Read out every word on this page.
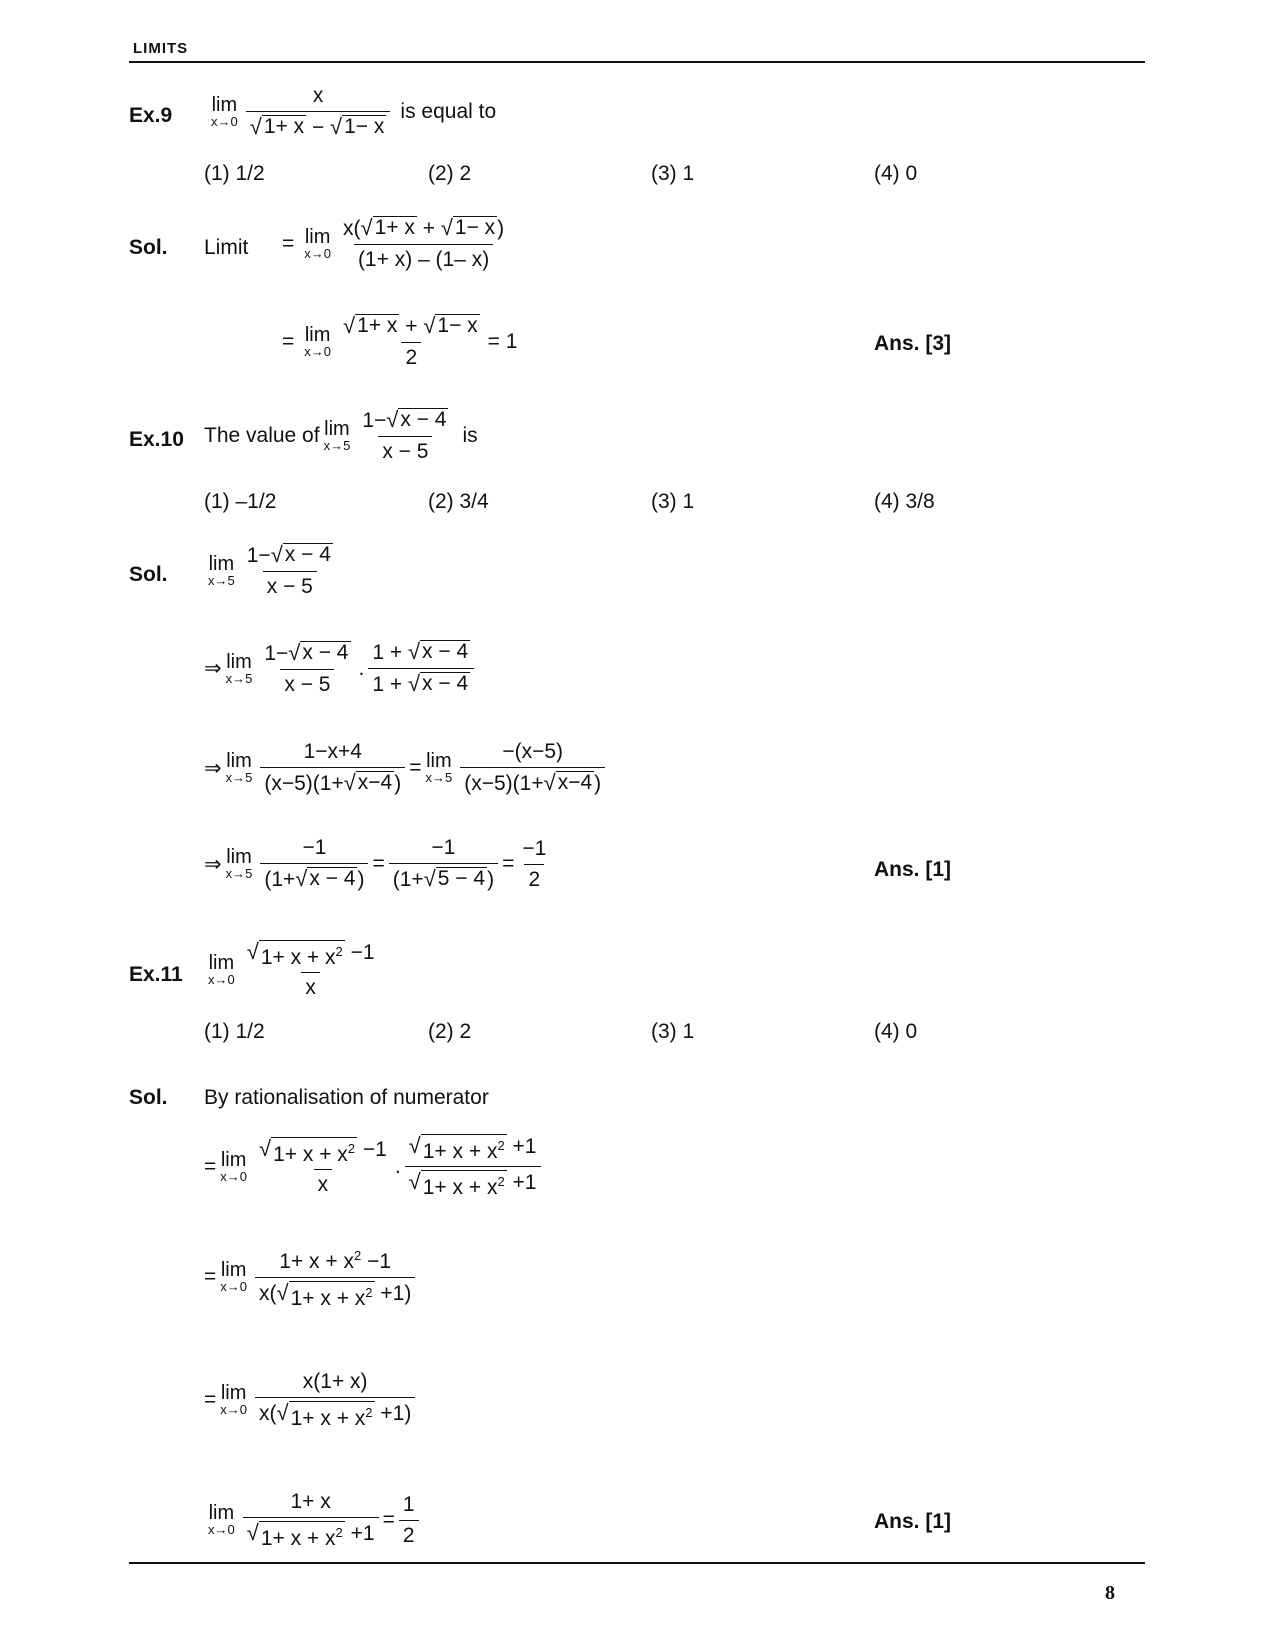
LIMITS
Ex.9 lim
$x\to 0 \frac{x}{√ 1+ x - √ 1- x}$ is equal to
(1) 1/2	(2) 2	(3) 1	(4) 0
Sol. Limit = lim
$x\to 0 \frac{x( √ 1+ x + √ 1- x )}{(1+ x) - (1- x)}$
= lim
$x\to 0 \frac{√ 1+ x + √ 1- x}{2} = 1$	Ans. [3]
Ex.10 The value of lim
$x\to 5 \frac{1- √ x - 4}{x - 5}$ is
(1) –1/2	(2) 3/4	(3) 1	(4) 3/8
Sol. lim
$x\to 5 \frac{1- √ x - 4}{x - 5}$
⇒ lim
$x\to 5 \frac{1- √ x - 4}{x - 5}$ . $\frac{1 + √ x - 4}{1 + √ x - 4}$
⇒ lim
$x\to 5 \frac{1-x+4}{(x-5)(1+ √ x-4 )} = \lim$
$x\to 5 \frac{-(x-5)}{(x-5)(1+ √ x-4 )}$
⇒ lim
$x\to 5 \frac{-1}{(1+ √ x - 4 )} = \frac{-1}{(1+ √ 5 - 4 )} = \frac{-1}{2}$	Ans. [1]
Ex.11 lim
$x\to 0 \frac{√ 1+ x + x^2 -1}{x}$
(1) 1/2	(2) 2	(3) 1	(4) 0
Sol. By rationalisation of numerator
= lim
$x\to 0 \frac{√ 1+ x + x^2 -1}{x}$ . $\frac{√ 1+ x + x^2 +1}{√ 1+ x + x^2 +1}$
= lim
$x\to 0 \frac{1+ x + x^2 -1}{x( √ 1+ x + x^2 +1)}$
= lim
$x\to 0 \frac{x(1+ x)}{x( √ 1+ x + x^2 +1)}$
lim
$x\to 0 \frac{1+ x}{√ 1+ x + x^2 +1} = \frac{1}{2}$	Ans. [1]
8
